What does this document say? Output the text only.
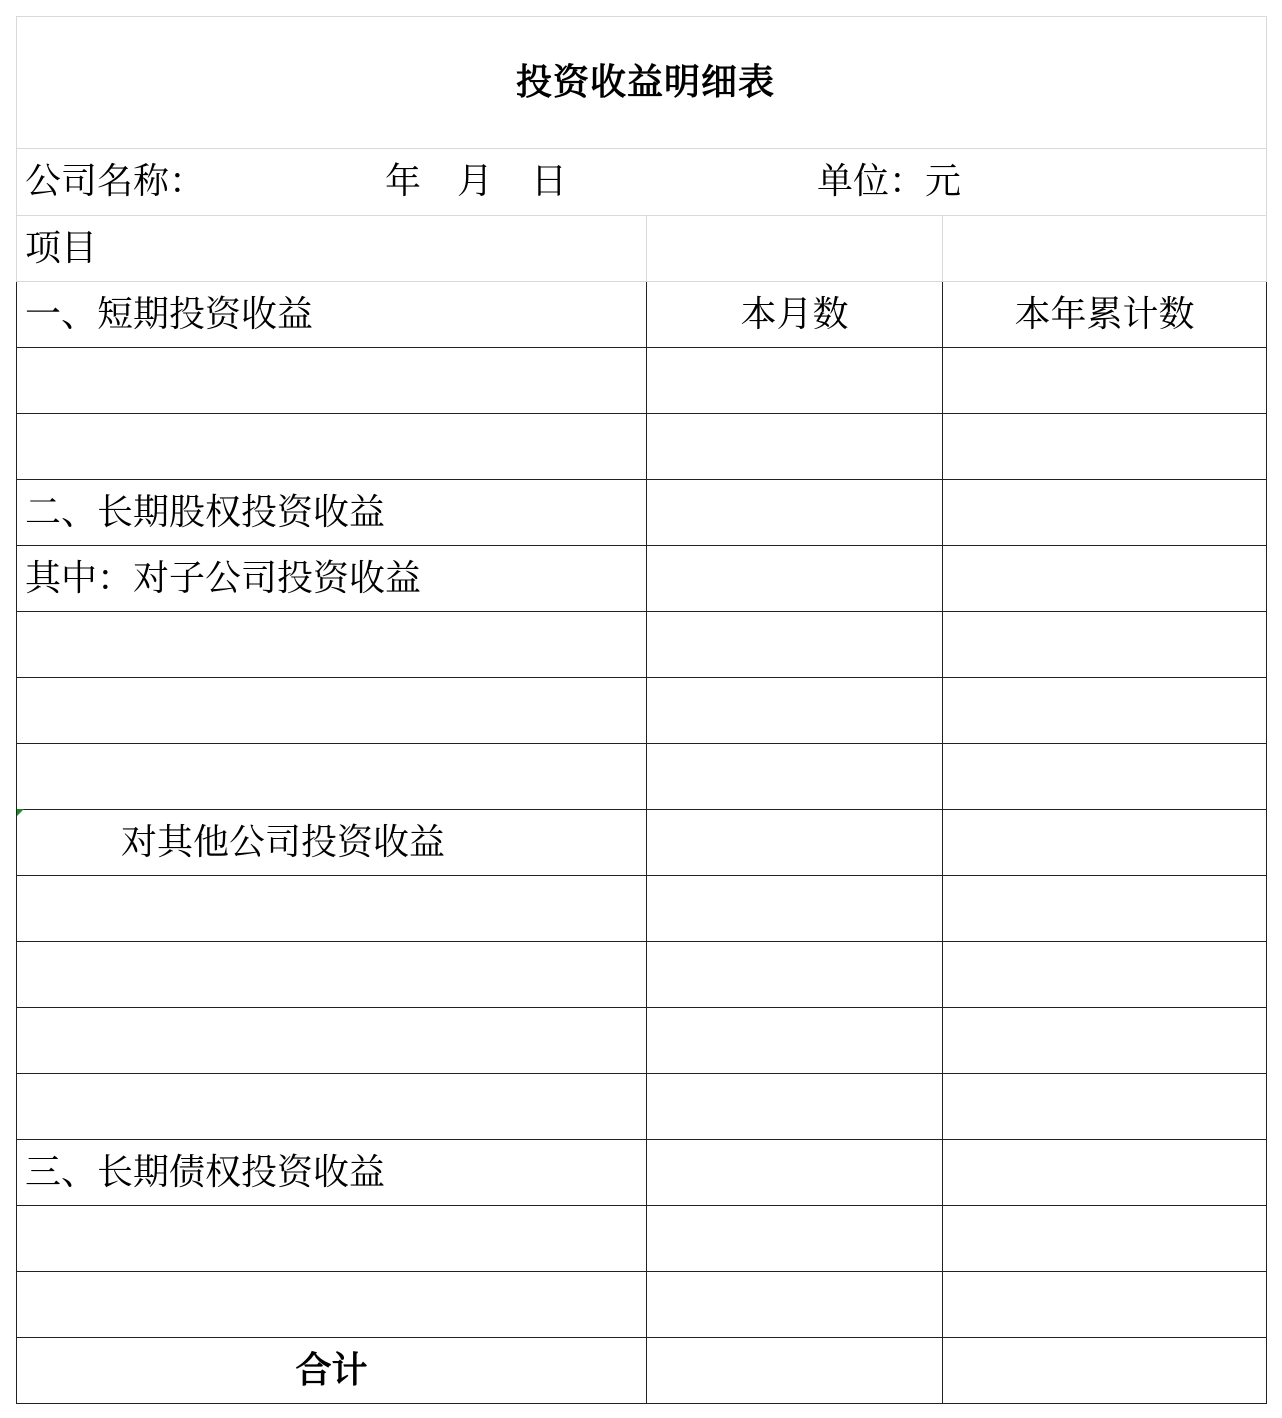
投资收益明细表		

公司名称： 年 月 日 单位：元		

项目		
一、短期投资收益	本月数	本年累计数

二、长期股权投资收益		
其中：对子公司投资收益		

对其他公司投资收益		

三、长期债权投资收益		

合计		
